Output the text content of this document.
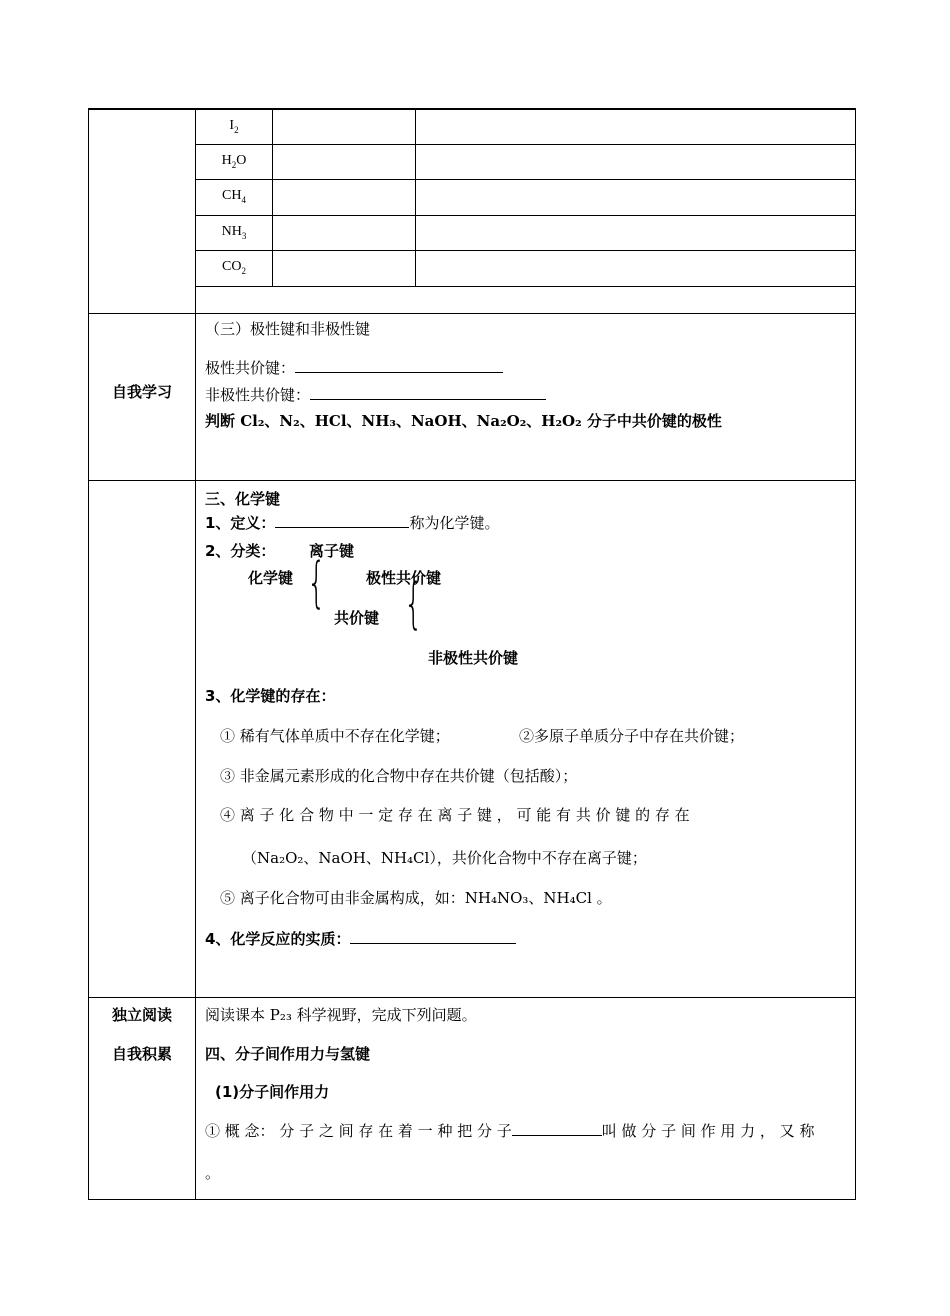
$I_2$
$H_2O$
$CH_4$
$NH_3$
$CO_2$
自我学习
（三）极性键和非极性键
极性共价键：
非极性共价键：
判断 Cl₂、N₂、HCl、NH₃、NaOH、Na₂O₂、H₂O₂ 分子中共价键的极性
三、化学键
1、定义：	称为化学键。
2、分类： 离子键
化学键 {	极性共价键
共价键 {
非极性共价键
3、化学键的存在：
① 稀有气体单质中不存在化学键；	②多原子单质分子中存在共价键；
③ 非金属元素形成的化合物中存在共价键（包括酸）；
④ 离 子 化 合 物 中 一 定 存 在 离 子 键 ， 可 能 有 共 价 键 的 存 在
（Na₂O₂、NaOH、NH₄Cl），共价化合物中不存在离子键；
⑤ 离子化合物可由非金属构成，如：NH₄NO₃、NH₄Cl 。
4、化学反应的实质：
独立阅读
自我积累
阅读课本 P₂₃ 科学视野，完成下列问题。
四、分子间作用力与氢键
(1)分子间作用力
① 概 念： 分 子 之 间 存 在 着 一 种 把 分 子	叫 做 分 子 间 作 用 力 ， 又 称
。
